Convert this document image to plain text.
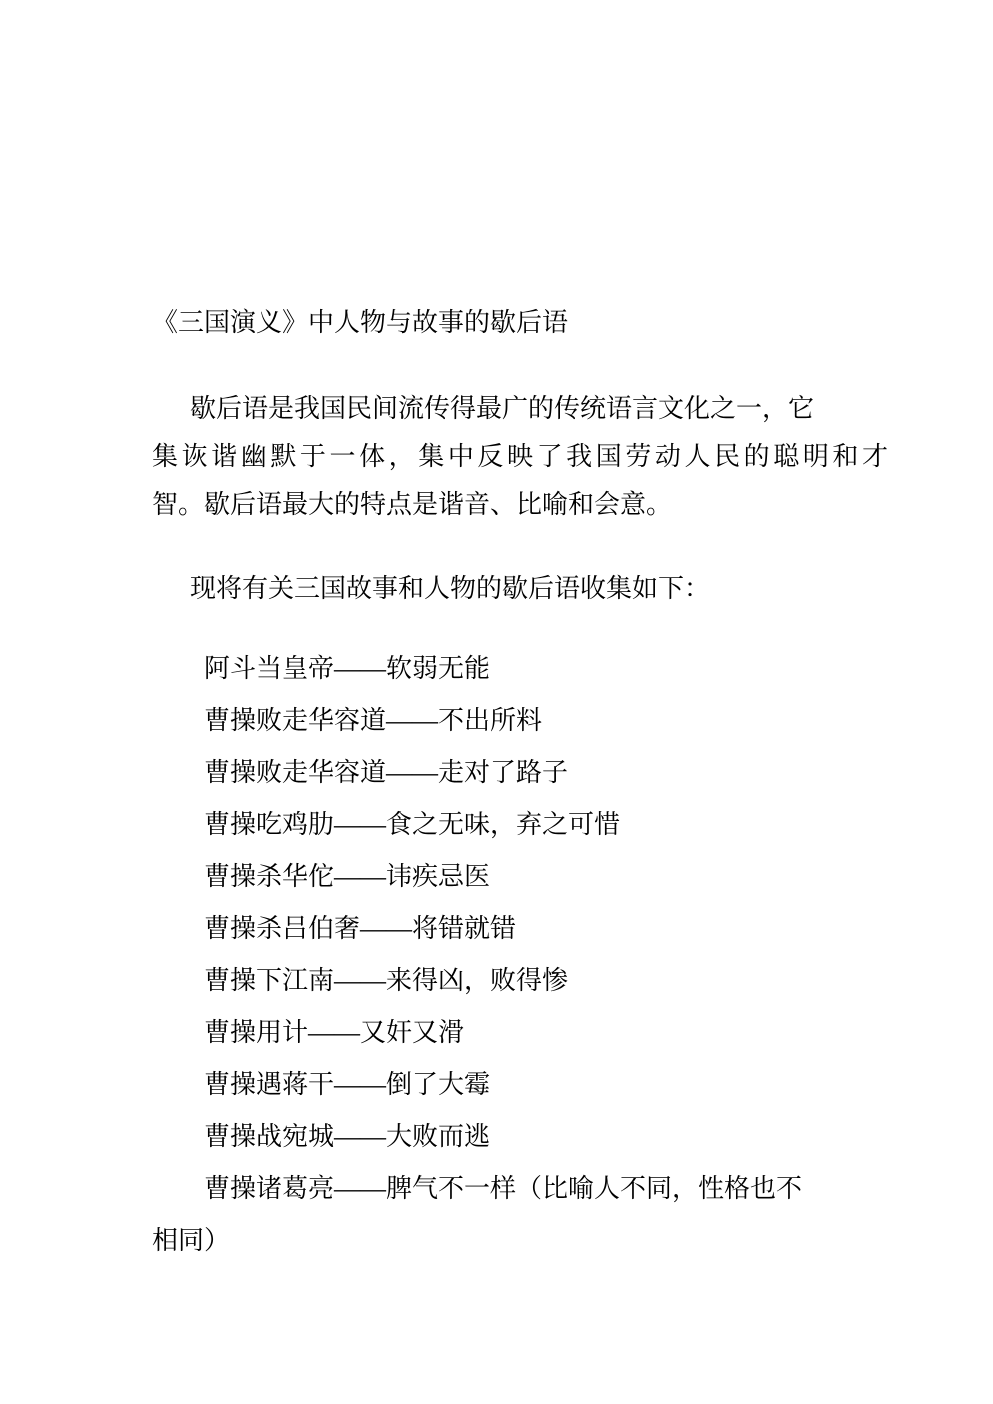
《三国演义》中人物与故事的歇后语
歇后语是我国民间流传得最广的传统语言文化之一，它
集诙谐幽默于一体，集中反映了我国劳动人民的聪明和才
智。歇后语最大的特点是谐音、比喻和会意。
现将有关三国故事和人物的歇后语收集如下：
阿斗当皇帝——软弱无能
曹操败走华容道——不出所料
曹操败走华容道——走对了路子
曹操吃鸡肋——食之无味，弃之可惜
曹操杀华佗——讳疾忌医
曹操杀吕伯奢——将错就错
曹操下江南——来得凶，败得惨
曹操用计——又奸又滑
曹操遇蒋干——倒了大霉
曹操战宛城——大败而逃
曹操诸葛亮——脾气不一样（比喻人不同，性格也不
相同）
